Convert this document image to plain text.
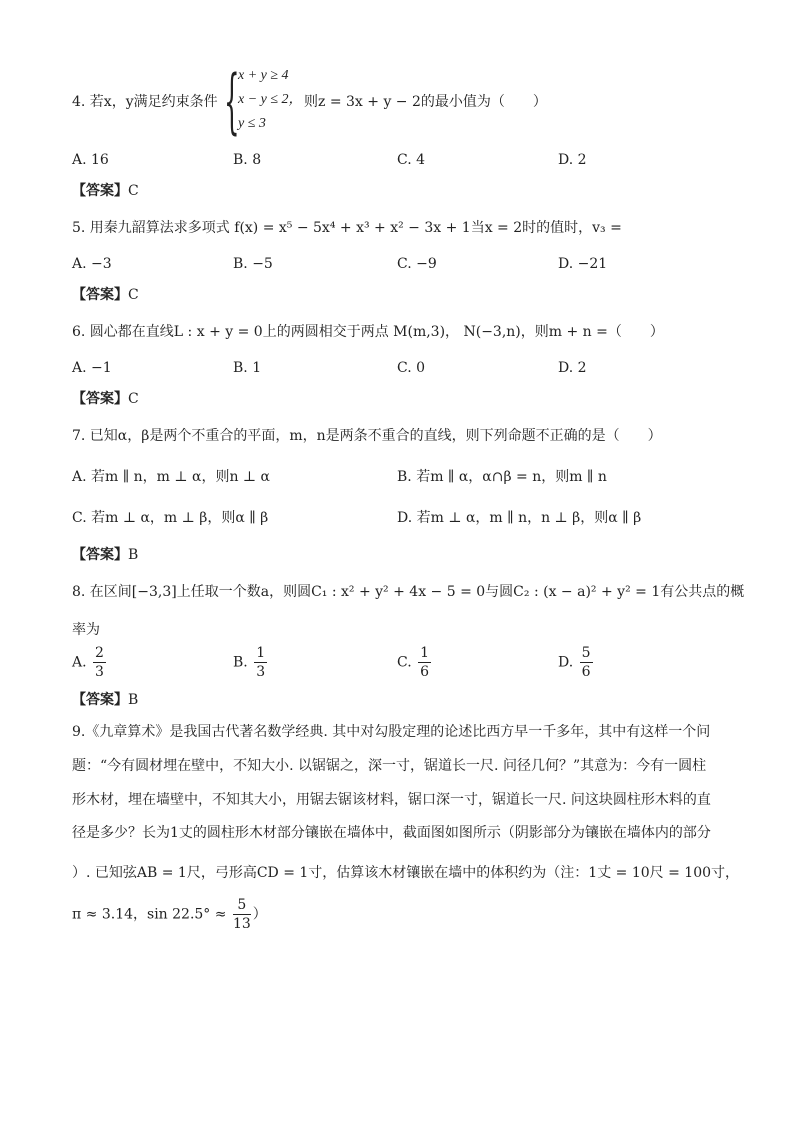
4. 若x，y满足约束条件 {
x + y ≥ 4
x − y ≤ 2，
y ≤ 3
则z = 3x + y − 2的最小值为（　　）
A. 16	B. 8	C. 4	D. 2
【答案】C
5. 用秦九韶算法求多项式 f(x) = x⁵ − 5x⁴ + x³ + x² − 3x + 1当x = 2时的值时，v₃ =
A. −3	B. −5	C. −9	D. −21
【答案】C
6. 圆心都在直线L : x + y = 0上的两圆相交于两点 M(m,3)， N(−3,n)，则m + n =（　　）
A. −1	B. 1	C. 0	D. 2
【答案】C
7. 已知α，β是两个不重合的平面，m，n是两条不重合的直线，则下列命题不正确的是（　　）
A. 若m ∥ n，m ⊥ α，则n ⊥ α	B. 若m ∥ α，α∩β = n，则m ∥ n
C. 若m ⊥ α，m ⊥ β，则α ∥ β	D. 若m ⊥ α，m ∥ n，n ⊥ β，则α ∥ β
【答案】B
8. 在区间[−3,3]上任取一个数a，则圆C₁ : x² + y² + 4x − 5 = 0与圆C₂ : (x − a)² + y² = 1有公共点的概
率为
A. $\frac{2}{3}$	B. $\frac{1}{3}$	C. $\frac{1}{6}$	D. $\frac{5}{6}$
【答案】B

9.《九章算术》是我国古代著名数学经典. 其中对勾股定理的论述比西方早一千多年，其中有这样一个问

题：“今有圆材埋在壁中，不知大小. 以锯锯之，深一寸，锯道长一尺. 问径几何？”其意为：今有一圆柱

形木材，埋在墙壁中，不知其大小，用锯去锯该材料，锯口深一寸，锯道长一尺. 问这块圆柱形木料的直

径是多少？长为1丈的圆柱形木材部分镶嵌在墙体中，截面图如图所示（阴影部分为镶嵌在墙体内的部分

）. 已知弦AB = 1尺，弓形高CD = 1寸，估算该木材镶嵌在墙中的体积约为（注：1丈 = 10尺 = 100寸，

π ≈ 3.14，$\sin 22.5^\circ \approx \frac{5}{13}$ ）
